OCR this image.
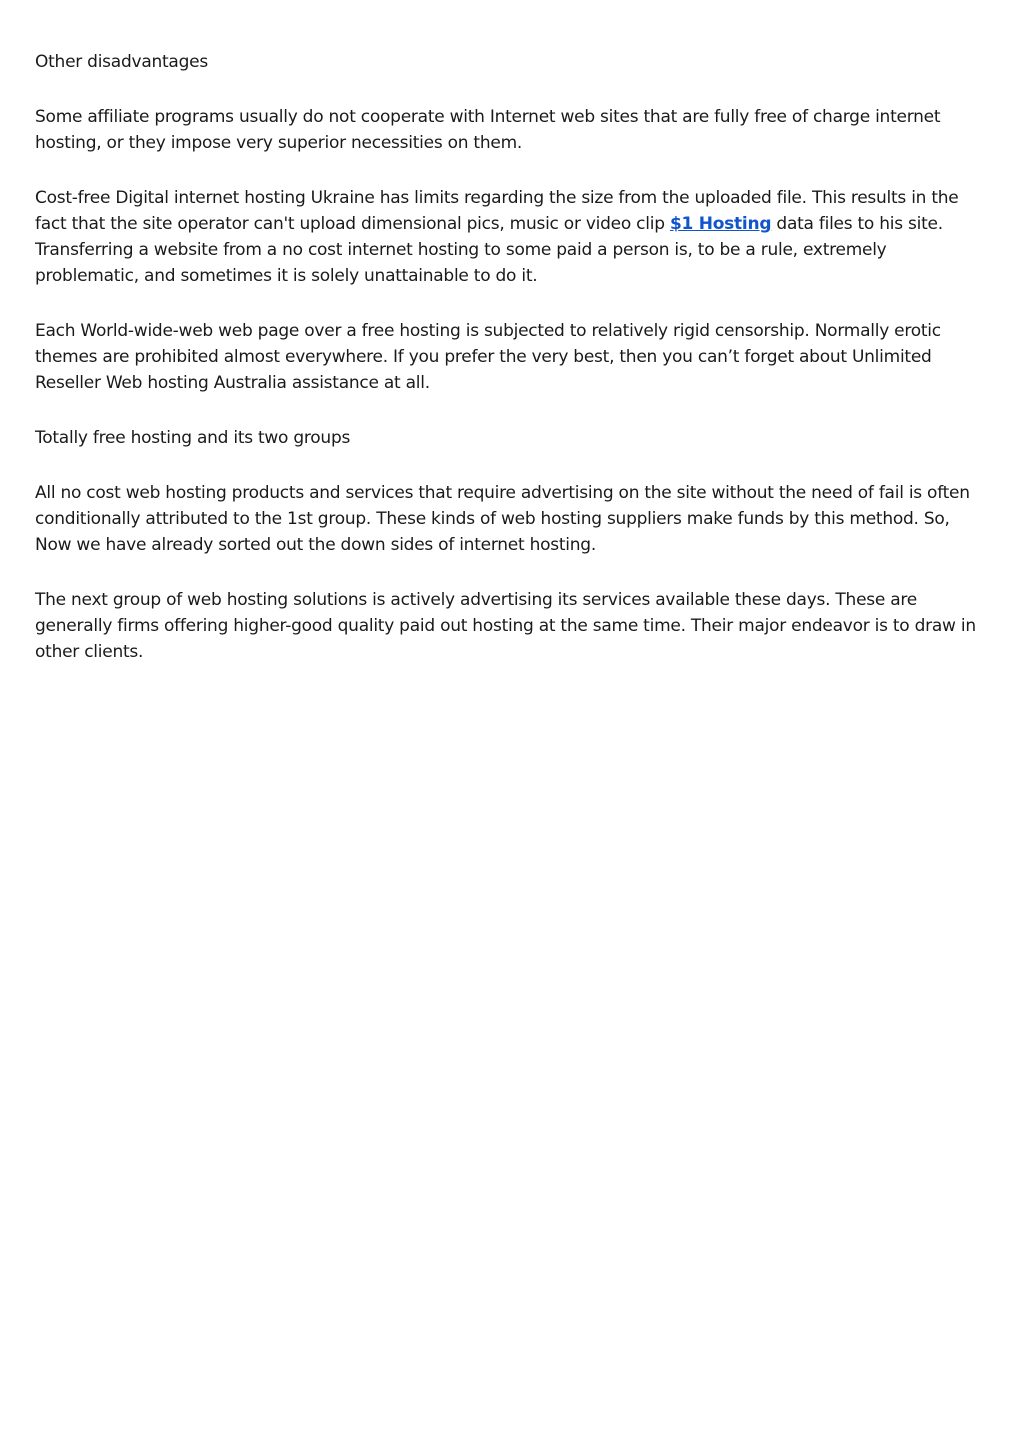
Other disadvantages

Some affiliate programs usually do not cooperate with Internet web sites that are fully free of charge internet hosting, or they impose very superior necessities on them.

Cost-free Digital internet hosting Ukraine has limits regarding the size from the uploaded file. This results in the fact that the site operator can't upload dimensional pics, music or video clip $1 Hosting data files to his site. Transferring a website from a no cost internet hosting to some paid a person is, to be a rule, extremely problematic, and sometimes it is solely unattainable to do it.

Each World-wide-web web page over a free hosting is subjected to relatively rigid censorship. Normally erotic themes are prohibited almost everywhere. If you prefer the very best, then you can’t forget about Unlimited Reseller Web hosting Australia assistance at all.

Totally free hosting and its two groups

All no cost web hosting products and services that require advertising on the site without the need of fail is often conditionally attributed to the 1st group. These kinds of web hosting suppliers make funds by this method. So, Now we have already sorted out the down sides of internet hosting.

The next group of web hosting solutions is actively advertising its services available these days. These are generally firms offering higher-good quality paid out hosting at the same time. Their major endeavor is to draw in other clients.
